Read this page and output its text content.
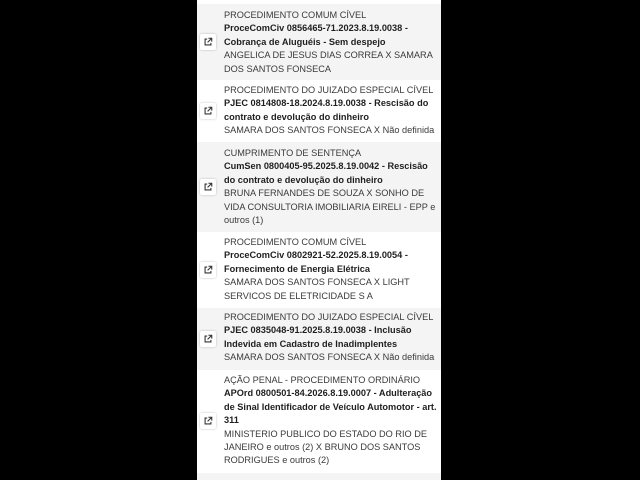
PROCEDIMENTO COMUM CÍVEL
ProceComCiv 0856465-71.2023.8.19.0038 - Cobrança de Aluguéis - Sem despejo
ANGELICA DE JESUS DIAS CORREA X SAMARA DOS SANTOS FONSECA
PROCEDIMENTO DO JUIZADO ESPECIAL CÍVEL
PJEC 0814808-18.2024.8.19.0038 - Rescisão do contrato e devolução do dinheiro
SAMARA DOS SANTOS FONSECA X Não definida
CUMPRIMENTO DE SENTENÇA
CumSen 0800405-95.2025.8.19.0042 - Rescisão do contrato e devolução do dinheiro
BRUNA FERNANDES DE SOUZA X SONHO DE VIDA CONSULTORIA IMOBILIARIA EIRELI - EPP e outros (1)
PROCEDIMENTO COMUM CÍVEL
ProceComCiv 0802921-52.2025.8.19.0054 - Fornecimento de Energia Elétrica
SAMARA DOS SANTOS FONSECA X LIGHT SERVICOS DE ELETRICIDADE S A
PROCEDIMENTO DO JUIZADO ESPECIAL CÍVEL
PJEC 0835048-91.2025.8.19.0038 - Inclusão Indevida em Cadastro de Inadimplentes
SAMARA DOS SANTOS FONSECA X Não definida
AÇÃO PENAL - PROCEDIMENTO ORDINÁRIO
APOrd 0800501-84.2026.8.19.0007 - Adulteração de Sinal Identificador de Veículo Automotor - art. 311
MINISTERIO PUBLICO DO ESTADO DO RIO DE JANEIRO e outros (2) X BRUNO DOS SANTOS RODRIGUES e outros (2)
